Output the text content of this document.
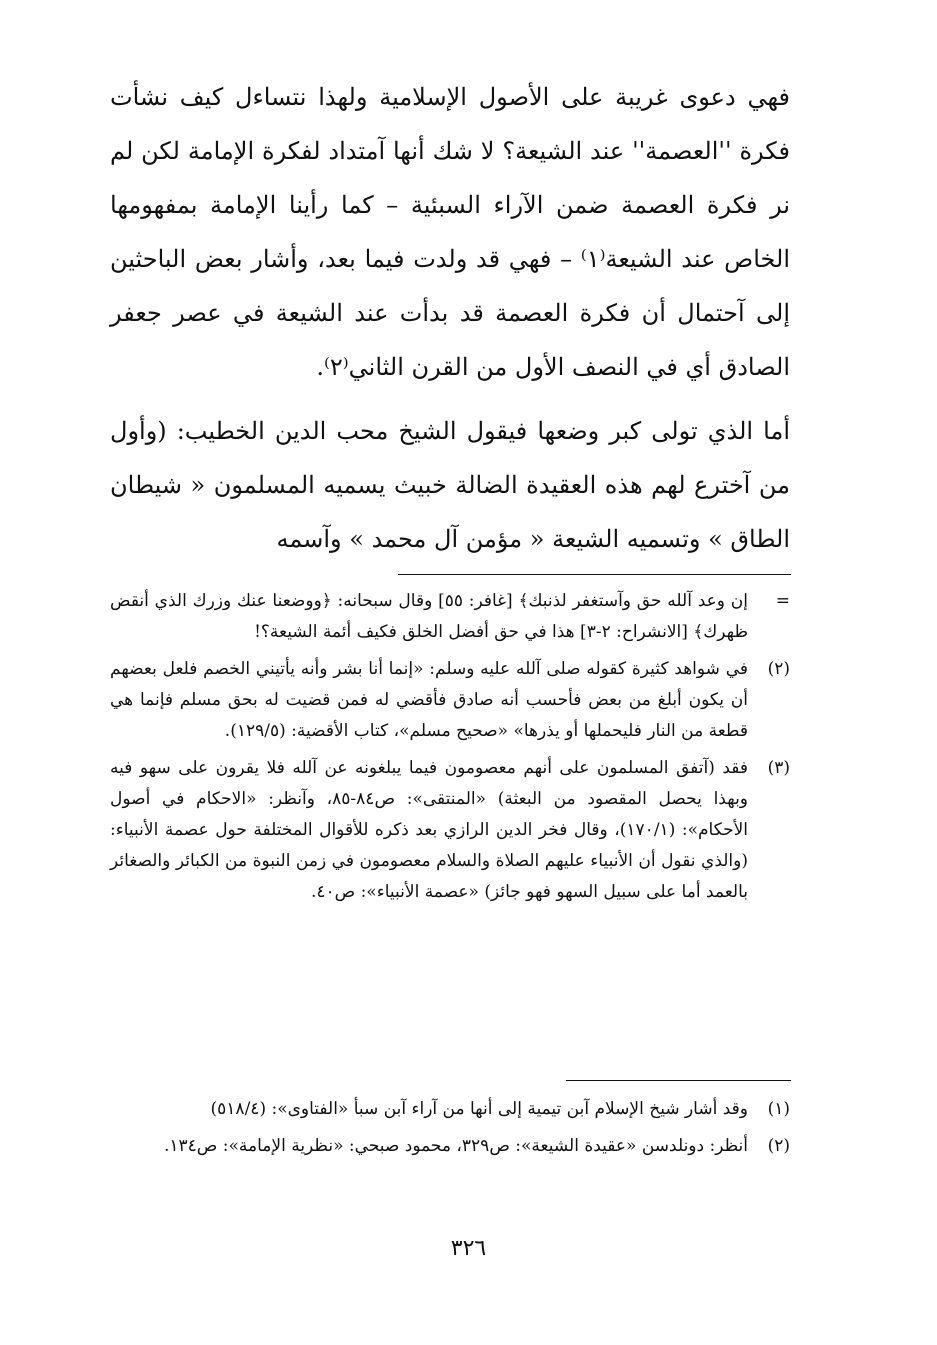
فهي دعوى غريبة على الأصول الإسلامية ولهذا نتساءل كيف نشأت فكرة ''العصمة'' عند الشيعة؟ لا شك أنها آمتداد لفكرة الإمامة لكن لم نر فكرة العصمة ضمن الآراء السبئية – كما رأينا الإمامة بمفهومها الخاص عند الشيعة⁽١⁾ – فهي قد ولدت فيما بعد، وأشار بعض الباحثين إلى آحتمال أن فكرة العصمة قد بدأت عند الشيعة في عصر جعفر الصادق أي في النصف الأول من القرن الثاني⁽٢⁾.

أما الذي تولى كبر وضعها فيقول الشيخ محب الدين الخطيب: (وأول من آخترع لهم هذه العقيدة الضالة خبيث يسميه المسلمون « شيطان الطاق » وتسميه الشيعة « مؤمن آل محمد » وآسمه

=
إن وعد آلله حق وآستغفر لذنبك﴾ [غافر: ٥٥] وقال سبحانه: ﴿ووضعنا عنك وزرك الذي أنقض ظهرك﴾ [الانشراح: ٢-٣] هذا في حق أفضل الخلق فكيف أئمة الشيعة؟!
(٢)
في شواهد كثيرة كقوله صلى آلله عليه وسلم: «إنما أنا بشر وأنه يأتيني الخصم فلعل بعضهم أن يكون أبلغ من بعض فأحسب أنه صادق فأقضي له فمن قضيت له بحق مسلم فإنما هي قطعة من النار فليحملها أو يذرها» «صحيح مسلم»، كتاب الأقضية: (١٢٩/٥).
(٣)
فقد (آتفق المسلمون على أنهم معصومون فيما يبلغونه عن آلله فلا يقرون على سهو فيه وبهذا يحصل المقصود من البعثة) «المنتقى»: ص٨٤-٨٥، وآنظر: «الاحكام في أصول الأحكام»: (١٧٠/١)، وقال فخر الدين الرازي بعد ذكره للأقوال المختلفة حول عصمة الأنبياء: (والذي نقول أن الأنبياء عليهم الصلاة والسلام معصومون في زمن النبوة من الكبائر والصغائر بالعمد أما على سبيل السهو فهو جائز) «عصمة الأنبياء»: ص٤٠.
(١)
وقد أشار شيخ الإسلام آبن تيمية إلى أنها من آراء آبن سبأ «الفتاوى»: (٥١٨/٤)
(٢)
أنظر: دونلدسن «عقيدة الشيعة»: ص٣٢٩، محمود صبحي: «نظرية الإمامة»: ص١٣٤.
٣٢٦
